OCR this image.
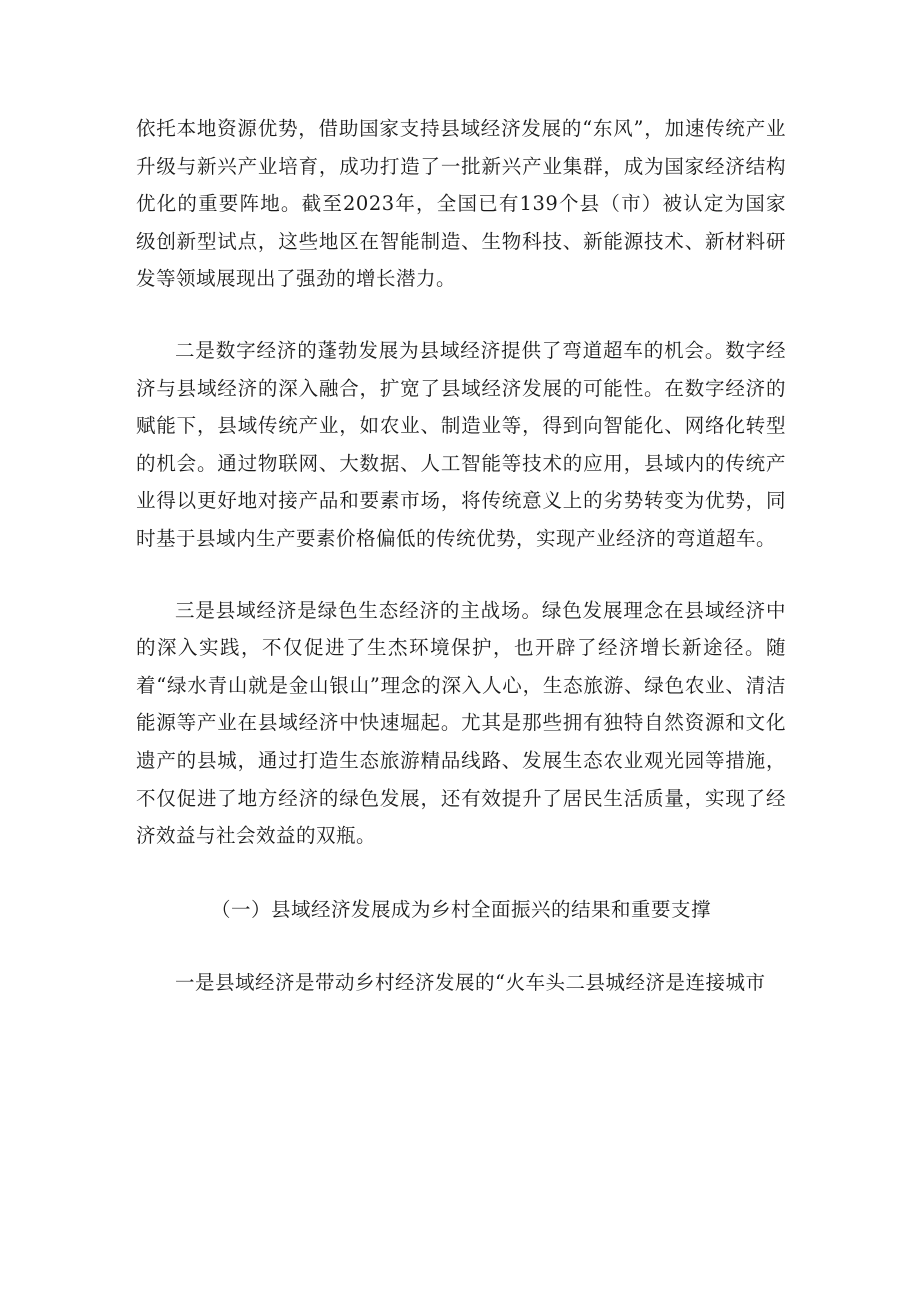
依托本地资源优势，借助国家支持县域经济发展的“东风”，加速传统产业升级与新兴产业培育，成功打造了一批新兴产业集群，成为国家经济结构优化的重要阵地。截至2023年，全国已有139个县（市）被认定为国家级创新型试点，这些地区在智能制造、生物科技、新能源技术、新材料研发等领域展现出了强劲的增长潜力。

二是数字经济的蓬勃发展为县域经济提供了弯道超车的机会。数字经济与县域经济的深入融合，扩宽了县域经济发展的可能性。在数字经济的赋能下，县域传统产业，如农业、制造业等，得到向智能化、网络化转型的机会。通过物联网、大数据、人工智能等技术的应用，县域内的传统产业得以更好地对接产品和要素市场，将传统意义上的劣势转变为优势，同时基于县域内生产要素价格偏低的传统优势，实现产业经济的弯道超车。

三是县域经济是绿色生态经济的主战场。绿色发展理念在县域经济中的深入实践，不仅促进了生杰环境保护，也开辟了经济增长新途径。随着“绿水青山就是金山银山”理念的深入人心，生态旅游、绿色农业、清洁能源等产业在县域经济中快速堀起。尤其是那些拥有独特自然资源和文化遗产的县城，通过打造生态旅游精品线路、发展生态农业观光园等措施，不仅促进了地方经济的绿色发展，还有效提升了居民生活质量，实现了经济效益与社会效益的双瓶。

（一）县域经济发展成为乡村全面振兴的结果和重要支撑

一是县域经济是带动乡村经济发展的“火车头二县城经济是连接城市
